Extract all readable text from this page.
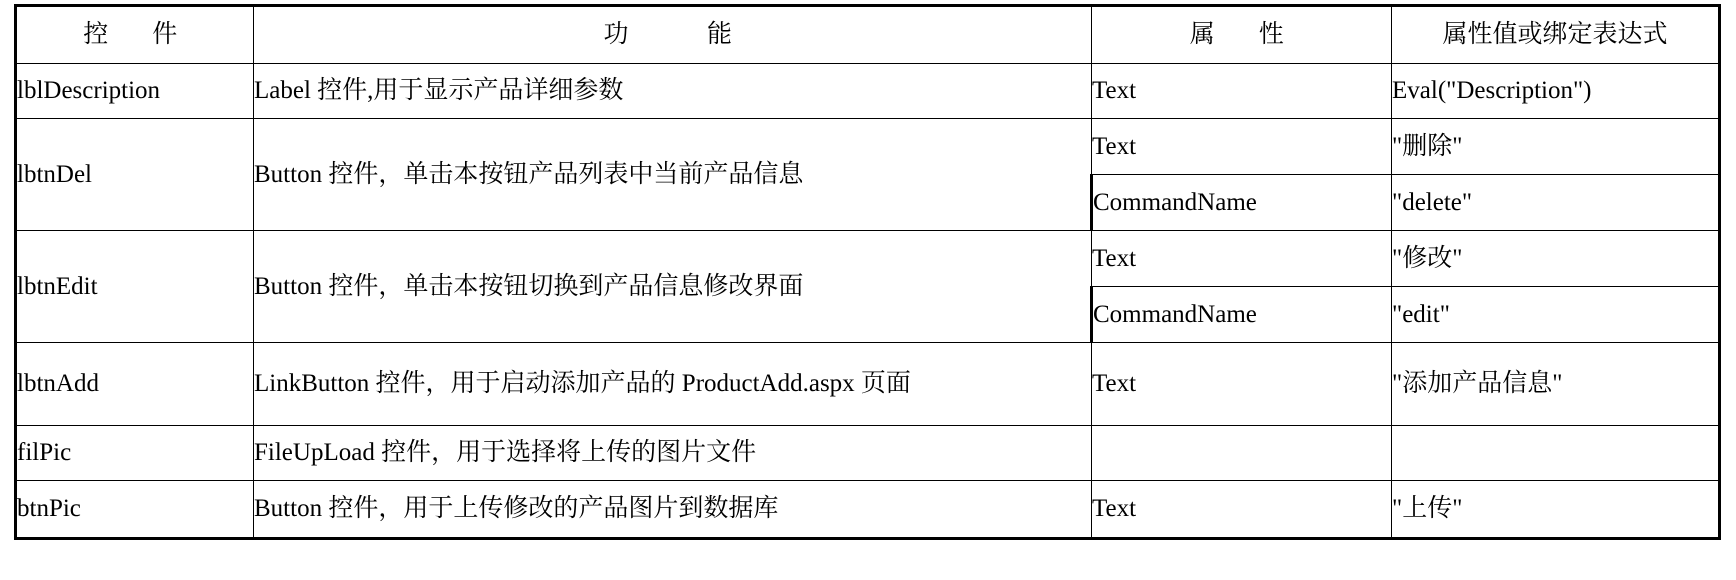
控　件	功　　能	属　性	属性值或绑定表达式
lblDescription	Label 控件,用于显示产品详细参数	Text	Eval("Description")
lbtnDel	Button 控件，单击本按钮产品列表中当前产品信息	Text	"删除"
		CommandName	"delete"
lbtnEdit	Button 控件，单击本按钮切换到产品信息修改界面	Text	"修改"
		CommandName	"edit"
lbtnAdd	LinkButton 控件，用于启动添加产品的 ProductAdd.aspx 页面	Text	"添加产品信息"
filPic	FileUpLoad 控件，用于选择将上传的图片文件		
btnPic	Button 控件，用于上传修改的产品图片到数据库	Text	"上传"
